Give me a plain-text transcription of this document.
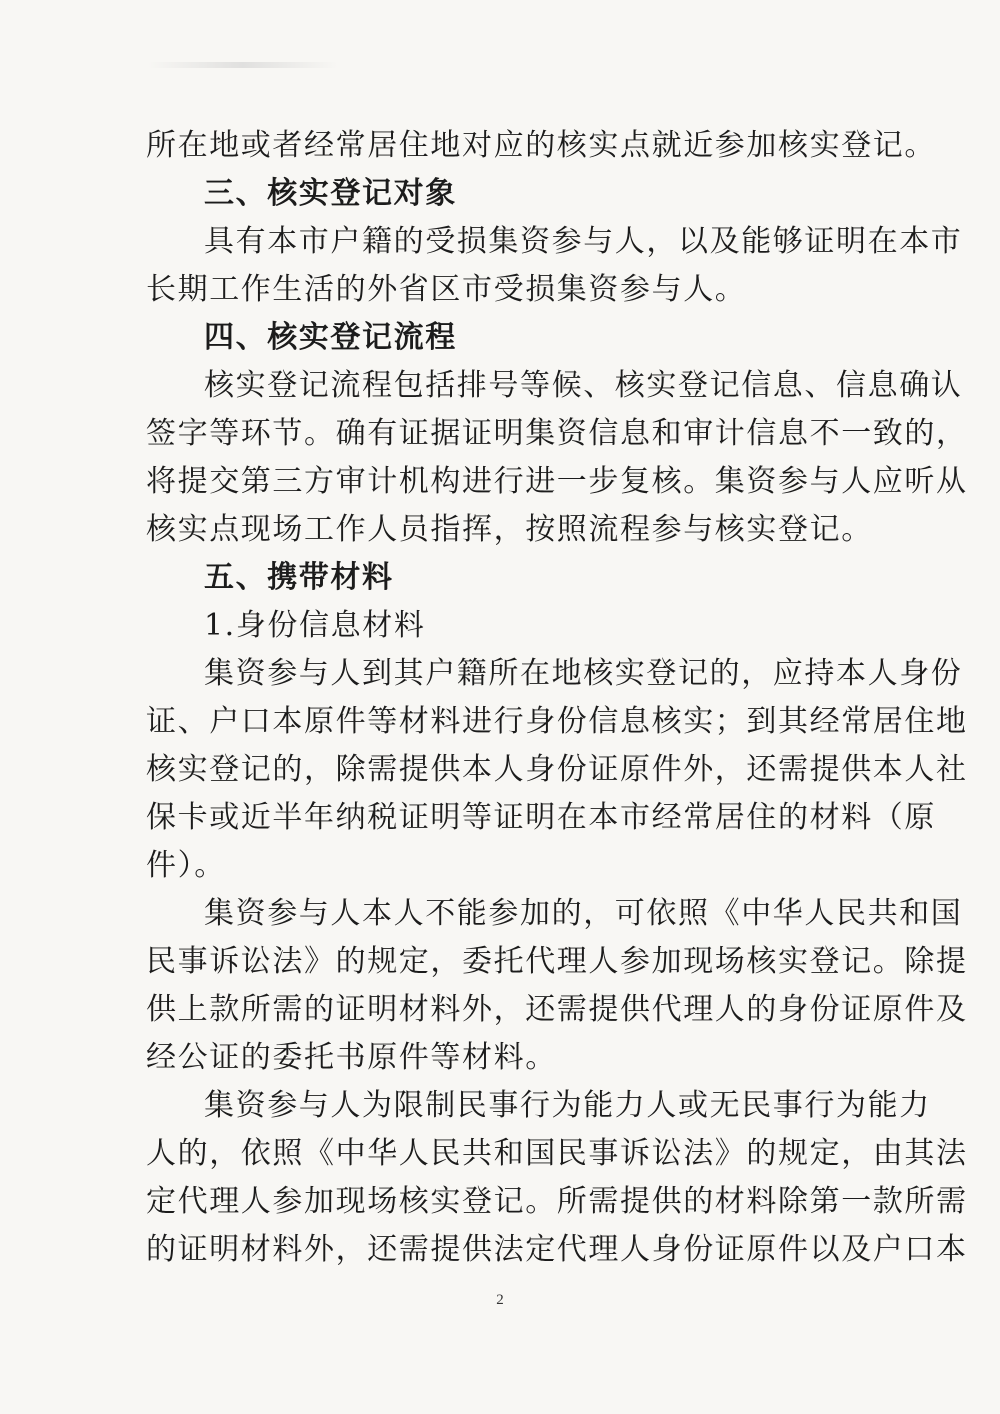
所在地或者经常居住地对应的核实点就近参加核实登记。
三、核实登记对象
具有本市户籍的受损集资参与人，以及能够证明在本市
长期工作生活的外省区市受损集资参与人。
四、核实登记流程
核实登记流程包括排号等候、核实登记信息、信息确认
签字等环节。确有证据证明集资信息和审计信息不一致的，
将提交第三方审计机构进行进一步复核。集资参与人应听从
核实点现场工作人员指挥，按照流程参与核实登记。
五、携带材料
1.身份信息材料
集资参与人到其户籍所在地核实登记的，应持本人身份
证、户口本原件等材料进行身份信息核实；到其经常居住地
核实登记的，除需提供本人身份证原件外，还需提供本人社
保卡或近半年纳税证明等证明在本市经常居住的材料（原
件）。
集资参与人本人不能参加的，可依照《中华人民共和国
民事诉讼法》的规定，委托代理人参加现场核实登记。除提
供上款所需的证明材料外，还需提供代理人的身份证原件及
经公证的委托书原件等材料。
集资参与人为限制民事行为能力人或无民事行为能力
人的，依照《中华人民共和国民事诉讼法》的规定，由其法
定代理人参加现场核实登记。所需提供的材料除第一款所需
的证明材料外，还需提供法定代理人身份证原件以及户口本
2
